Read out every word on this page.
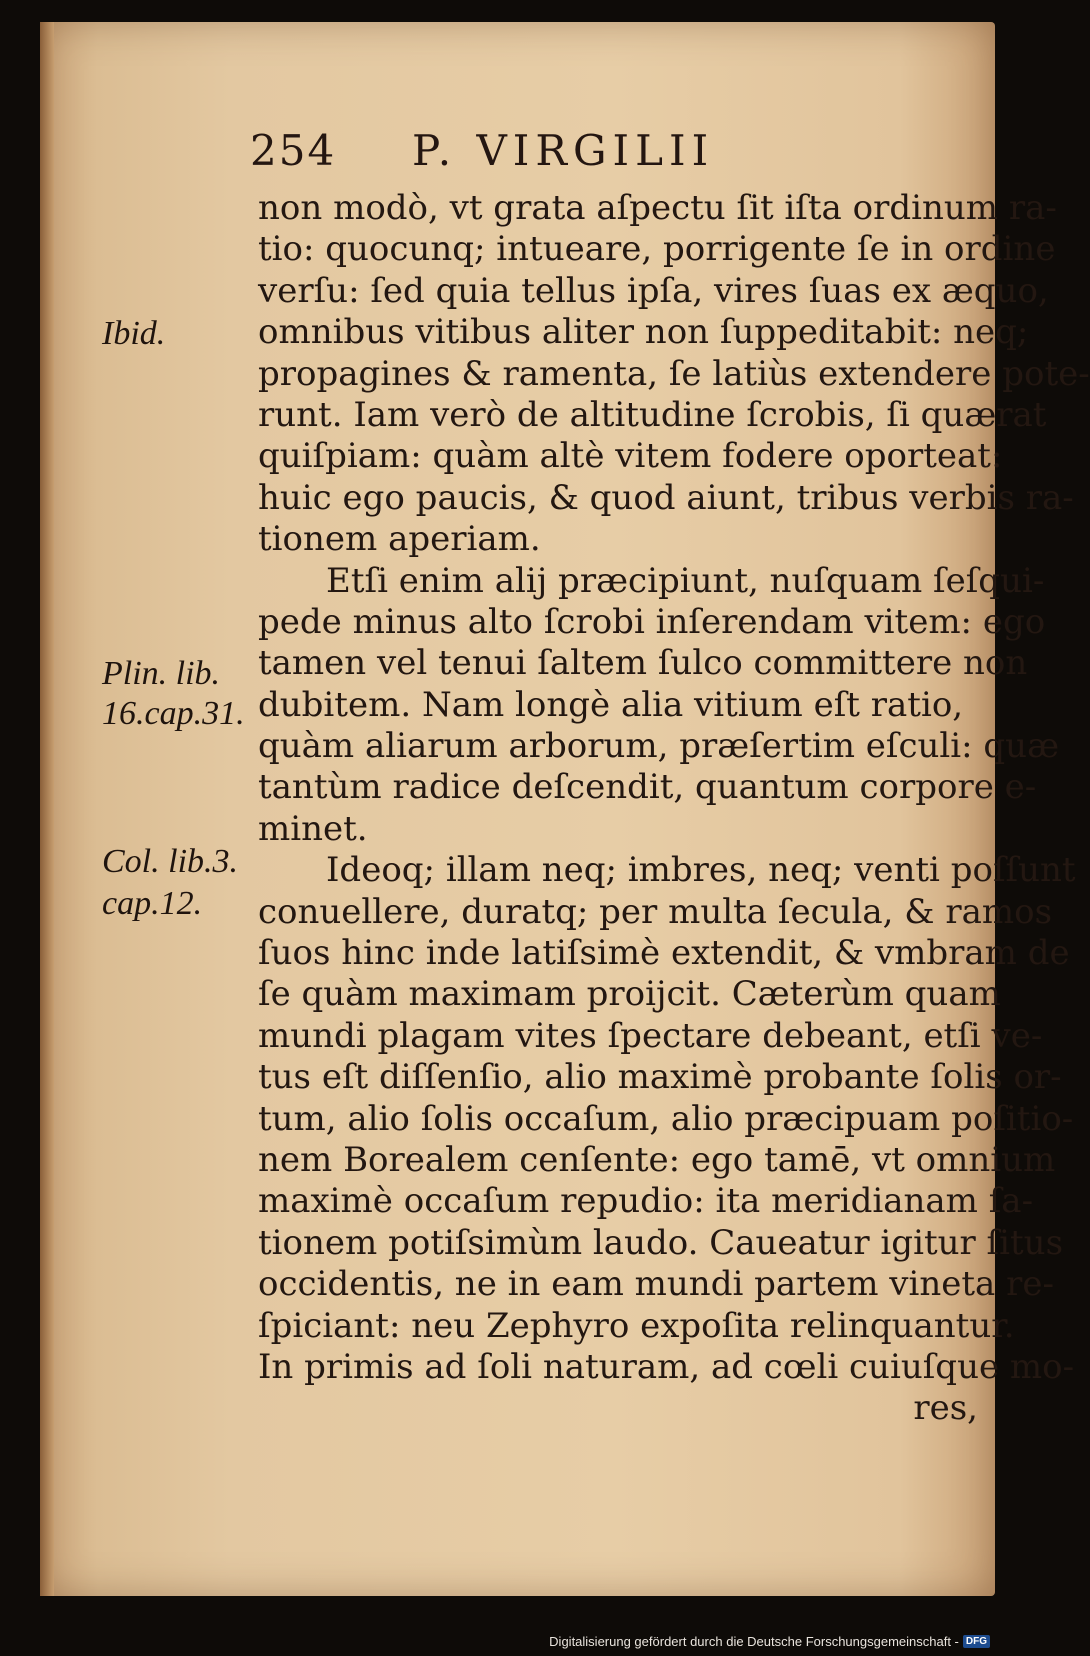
254 P. VIRGILII
Ibid.
Plin. lib.
16.cap.31.
Col. lib.3.
cap.12.
non modò, vt grata aſpectu ſit iſta ordinum ra-
tio: quocunq; intueare, porrigente ſe in ordine
verſu: ſed quia tellus ipſa, vires ſuas ex æquo,
omnibus vitibus aliter non ſuppeditabit: neq;
propagines & ramenta, ſe latiùs extendere pote-
runt. Iam verò de altitudine ſcrobis, ſi quærat
quiſpiam: quàm altè vitem fodere oporteat:
huic ego paucis, & quod aiunt, tribus verbis ra-
tionem aperiam.
Etſi enim alij præcipiunt, nuſquam ſeſqui-
pede minus alto ſcrobi inſerendam vitem: ego
tamen vel tenui ſaltem ſulco committere non
dubitem. Nam longè alia vitium eſt ratio,
quàm aliarum arborum, præſertim eſculi: quæ
tantùm radice deſcendit, quantum corpore e-
minet.
Ideoq; illam neq; imbres, neq; venti poſſunt
conuellere, duratq; per multa ſecula, & ramos
ſuos hinc inde latiſsimè extendit, & vmbram de
ſe quàm maximam proijcit. Cæterùm quam
mundi plagam vites ſpectare debeant, etſi ve-
tus eſt diſſenſio, alio maximè probante ſolis or-
tum, alio ſolis occaſum, alio præcipuam poſitio-
nem Borealem cenſente: ego tamē, vt omnium
maximè occaſum repudio: ita meridianam ſa-
tionem potiſsimùm laudo. Caueatur igitur ſitus
occidentis, ne in eam mundi partem vineta re-
ſpiciant: neu Zephyro expoſita relinquantur.
In primis ad ſoli naturam, ad cœli cuiuſque mo-
res,
Digitalisierung gefördert durch die Deutsche Forschungsgemeinschaft - DFG
